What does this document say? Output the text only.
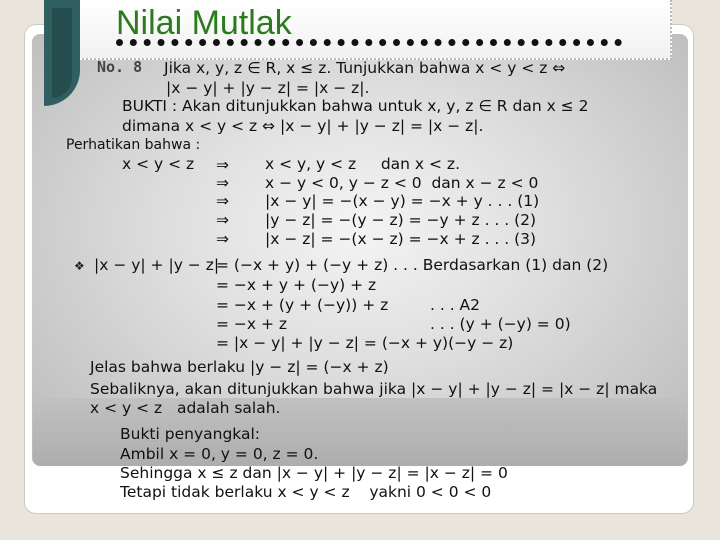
Nilai Mutlak
No. 8
Perhatikan bahwa :
❖
Jika x, y, z ∈ R, x ≤ z. Tunjukkan bahwa x < y < z ⇔
|x − y| + |y − z| = |x − z|.
BUKTI : Akan ditunjukkan bahwa untuk x, y, z ∈ R dan x ≤ 2
dimana x < y < z ⇔ |x − y| + |y − z| = |x − z|.
x < y < z
⇒
x < y, y < z     dan x < z.
⇒
x − y < 0, y − z < 0  dan x − z < 0
⇒
|x − y| = −(x − y) = −x + y . . . (1)
⇒
|y − z| = −(y − z) = −y + z . . . (2)
⇒
|x − z| = −(x − z) = −x + z . . . (3)
|x − y| + |y − z|
= (−x + y) + (−y + z) . . . Berdasarkan (1) dan (2)
= −x + y + (−y) + z
= −x + (y + (−y)) + z	. . . A2
= −x + z	. . . (y + (−y) = 0)
= |x − y| + |y − z| = (−x + y)(−y − z)
Jelas bahwa berlaku |y − z| = (−x + z)
Sebaliknya, akan ditunjukkan bahwa jika |x − y| + |y − z| = |x − z| maka
x < y < z   adalah salah.
Bukti penyangkal:
Ambil x = 0, y = 0, z = 0.
Sehingga x ≤ z dan |x − y| + |y − z| = |x − z| = 0
Tetapi tidak berlaku x < y < z    yakni 0 < 0 < 0
